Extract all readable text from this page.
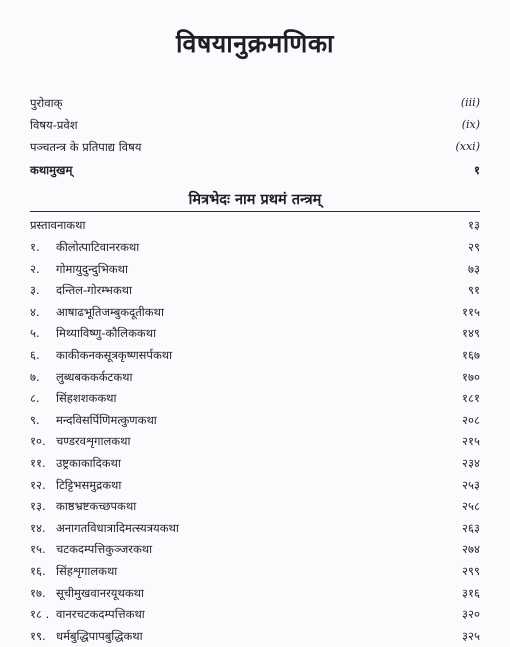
विषयानुक्रमणिका
पुरोवाक्	(iii)
विषय-प्रवेश	(ix)
पञ्चतन्त्र के प्रतिपाद्य विषय	(xxi)
कथामुखम्	१
मित्रभेदः नाम प्रथमं तन्त्रम्
प्रस्तावनाकथा	१३
१.	कीलोत्पाटिवानरकथा	२९
२.	गोमायुदुन्दुभिकथा	७३
३.	दन्तिल-गोरम्भकथा	९१
४.	आषाढभूतिजम्बुकदूतीकथा	११५
५.	मिथ्याविष्णु-कौलिककथा	१४९
६.	काकीकनकसूत्रकृष्णसर्पकथा	१६७
७.	लुब्धबककर्कटकथा	१७०
८.	सिंहशशककथा	१८१
९.	मन्दविसर्पिणिमत्कुणकथा	२०८
१०. चण्डरवशृगालकथा	२१५
११. उष्ट्रकाकादिकथा	२३४
१२. टिट्टिभसमुद्रकथा	२५३
१३. काष्ठभ्रष्टकच्छपकथा	२५८
१४. अनागतविधात्रादिमत्स्यत्रयकथा	२६३
१५. चटकदम्पत्तिकुञ्जरकथा	२७४
१६. सिंहशृगालकथा	२९९
१७. सूचीमुखवानरयूथकथा	३१६
१८ . वानरचटकदम्पत्तिकथा	३२०
१९. धर्मबुद्धिपापबुद्धिकथा	३२५
